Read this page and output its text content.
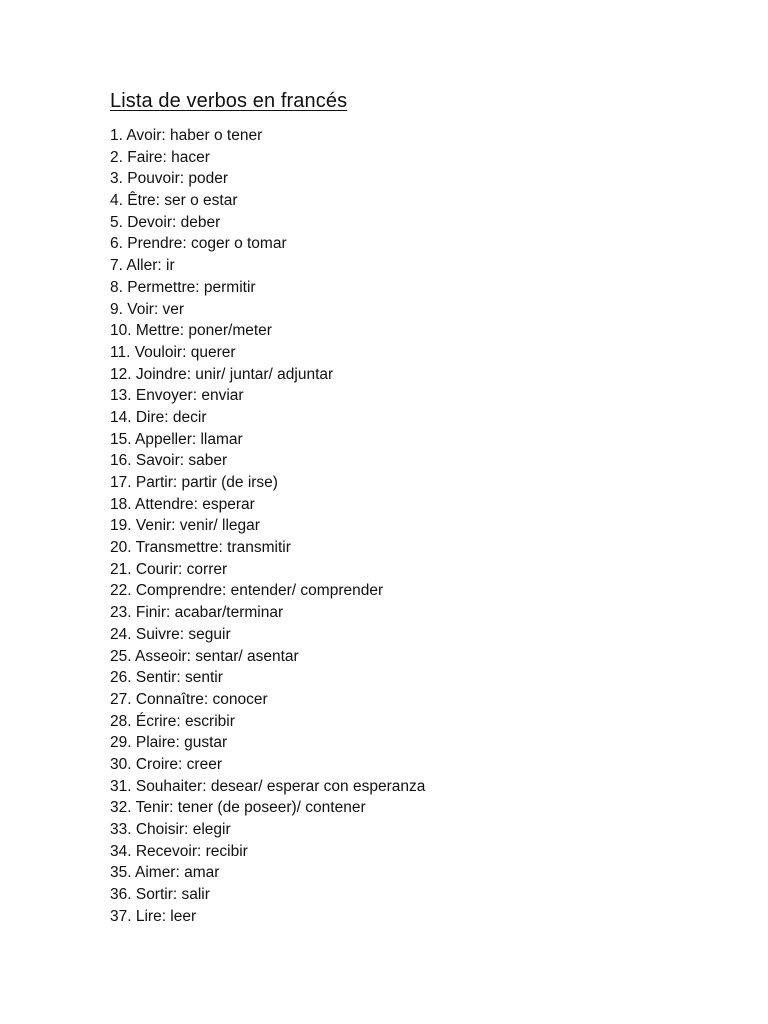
Lista de verbos en francés
1. Avoir: haber o tener
2. Faire: hacer
3. Pouvoir: poder
4. Être: ser o estar
5. Devoir: deber
6. Prendre: coger o tomar
7. Aller: ir
8. Permettre: permitir
9. Voir: ver
10. Mettre: poner/meter
11. Vouloir: querer
12. Joindre: unir/ juntar/ adjuntar
13. Envoyer: enviar
14. Dire: decir
15. Appeller: llamar
16. Savoir: saber
17. Partir: partir (de irse)
18. Attendre: esperar
19. Venir: venir/ llegar
20. Transmettre: transmitir
21. Courir: correr
22. Comprendre: entender/ comprender
23. Finir: acabar/terminar
24. Suivre: seguir
25. Asseoir: sentar/ asentar
26. Sentir: sentir
27. Connaître: conocer
28. Écrire: escribir
29. Plaire: gustar
30. Croire: creer
31. Souhaiter: desear/ esperar con esperanza
32. Tenir: tener (de poseer)/ contener
33. Choisir: elegir
34. Recevoir: recibir
35. Aimer: amar
36. Sortir: salir
37. Lire: leer
